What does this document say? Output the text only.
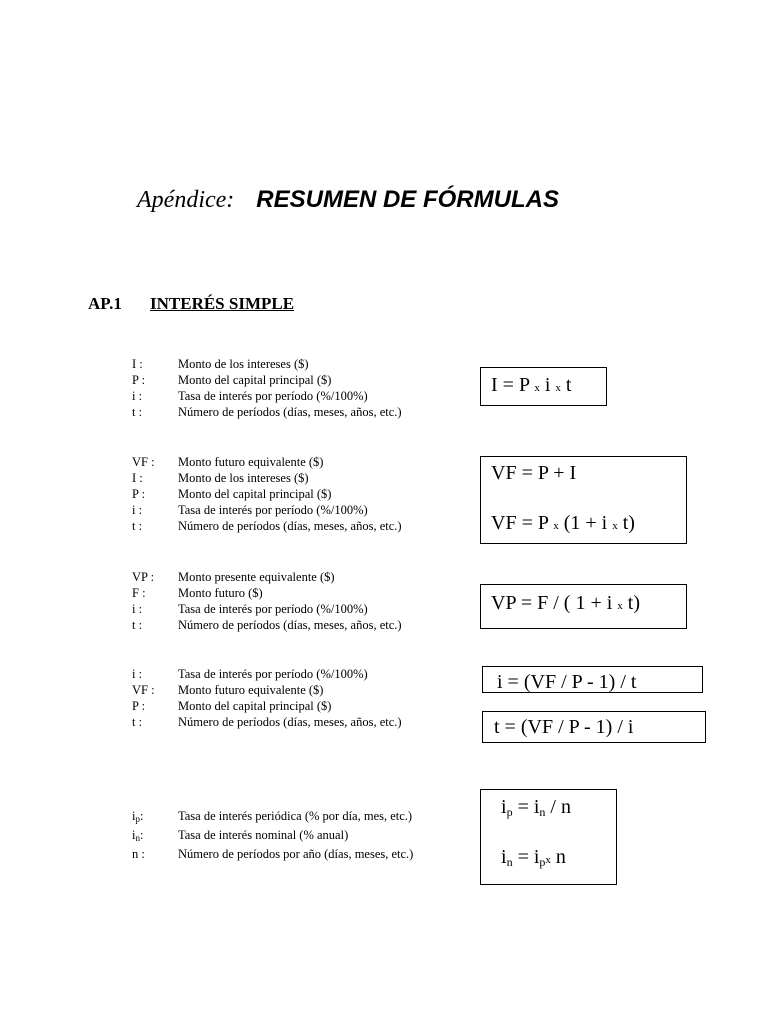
Apéndice: RESUMEN DE FÓRMULAS
AP.1 INTERÉS SIMPLE
I :	Monto de los intereses ($)
P :	Monto del capital principal ($)
i :	Tasa de interés por período (%/100%)
t :	Número de períodos (días, meses, años, etc.)
VF :	Monto futuro equivalente ($)
I :	Monto de los intereses ($)
P :	Monto del capital principal ($)
i :	Tasa de interés por período (%/100%)
t :	Número de períodos (días, meses, años, etc.)
VP :	Monto presente equivalente ($)
F :	Monto futuro ($)
i :	Tasa de interés por período (%/100%)
t :	Número de períodos (días, meses, años, etc.)
i :	Tasa de interés por período (%/100%)
VF :	Monto futuro equivalente ($)
P :	Monto del capital principal ($)
t :	Número de períodos (días, meses, años, etc.)
$i_p$:	Tasa de interés periódica (% por día, mes, etc.)
$i_n$:	Tasa de interés nominal (% anual)
n :	Número de períodos por año (días, meses, etc.)
I = P x i x t
VF = P + I
VF = P x (1 + i x t)
VP = F / ( 1 + i x t)
i = (VF / P - 1) / t
t = (VF / P - 1) / i
$i_p = i_n / n$
$i_n = i_px$ n
